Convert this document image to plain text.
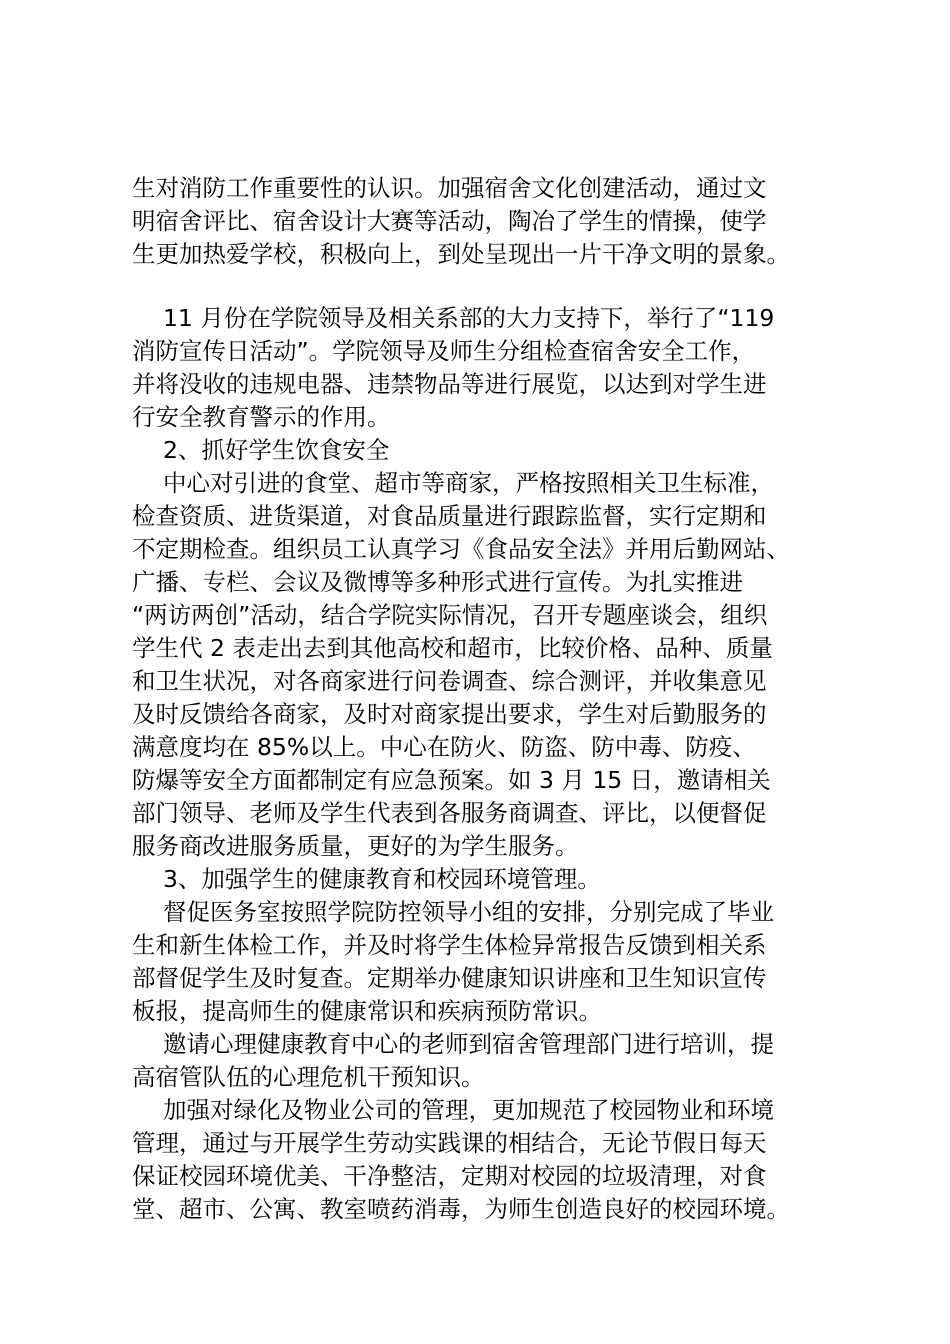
生对消防工作重要性的认识。加强宿舍文化创建活动，通过文
明宿舍评比、宿舍设计大赛等活动，陶冶了学生的情操，使学
生更加热爱学校，积极向上，到处呈现出一片干净文明的景象。
　 11 月份在学院领导及相关系部的大力支持下，举行了“119
消防宣传日活动”。学院领导及师生分组检查宿舍安全工作，
并将没收的违规电器、违禁物品等进行展览，以达到对学生进
行安全教育警示的作用。
　 2、抓好学生饮食安全
　 中心对引进的食堂、超市等商家，严格按照相关卫生标准，
检查资质、进货渠道，对食品质量进行跟踪监督，实行定期和
不定期检查。组织员工认真学习《食品安全法》并用后勤网站、
广播、专栏、会议及微博等多种形式进行宣传。为扎实推进
“两访两创”活动，结合学院实际情况，召开专题座谈会，组织
学生代 2 表走出去到其他高校和超市，比较价格、品种、质量
和卫生状况，对各商家进行问卷调查、综合测评，并收集意见
及时反馈给各商家，及时对商家提出要求，学生对后勤服务的
满意度均在 85%以上。中心在防火、防盗、防中毒、防疫、
防爆等安全方面都制定有应急预案。如 3 月 15 日，邀请相关
部门领导、老师及学生代表到各服务商调查、评比，以便督促
服务商改进服务质量，更好的为学生服务。
　 3、加强学生的健康教育和校园环境管理。
　 督促医务室按照学院防控领导小组的安排，分别完成了毕业
生和新生体检工作，并及时将学生体检异常报告反馈到相关系
部督促学生及时复查。定期举办健康知识讲座和卫生知识宣传
板报，提高师生的健康常识和疾病预防常识。
　 邀请心理健康教育中心的老师到宿舍管理部门进行培训，提
高宿管队伍的心理危机干预知识。
　 加强对绿化及物业公司的管理，更加规范了校园物业和环境
管理，通过与开展学生劳动实践课的相结合，无论节假日每天
保证校园环境优美、干净整洁，定期对校园的垃圾清理，对食
堂、超市、公寓、教室喷药消毒，为师生创造良好的校园环境。
